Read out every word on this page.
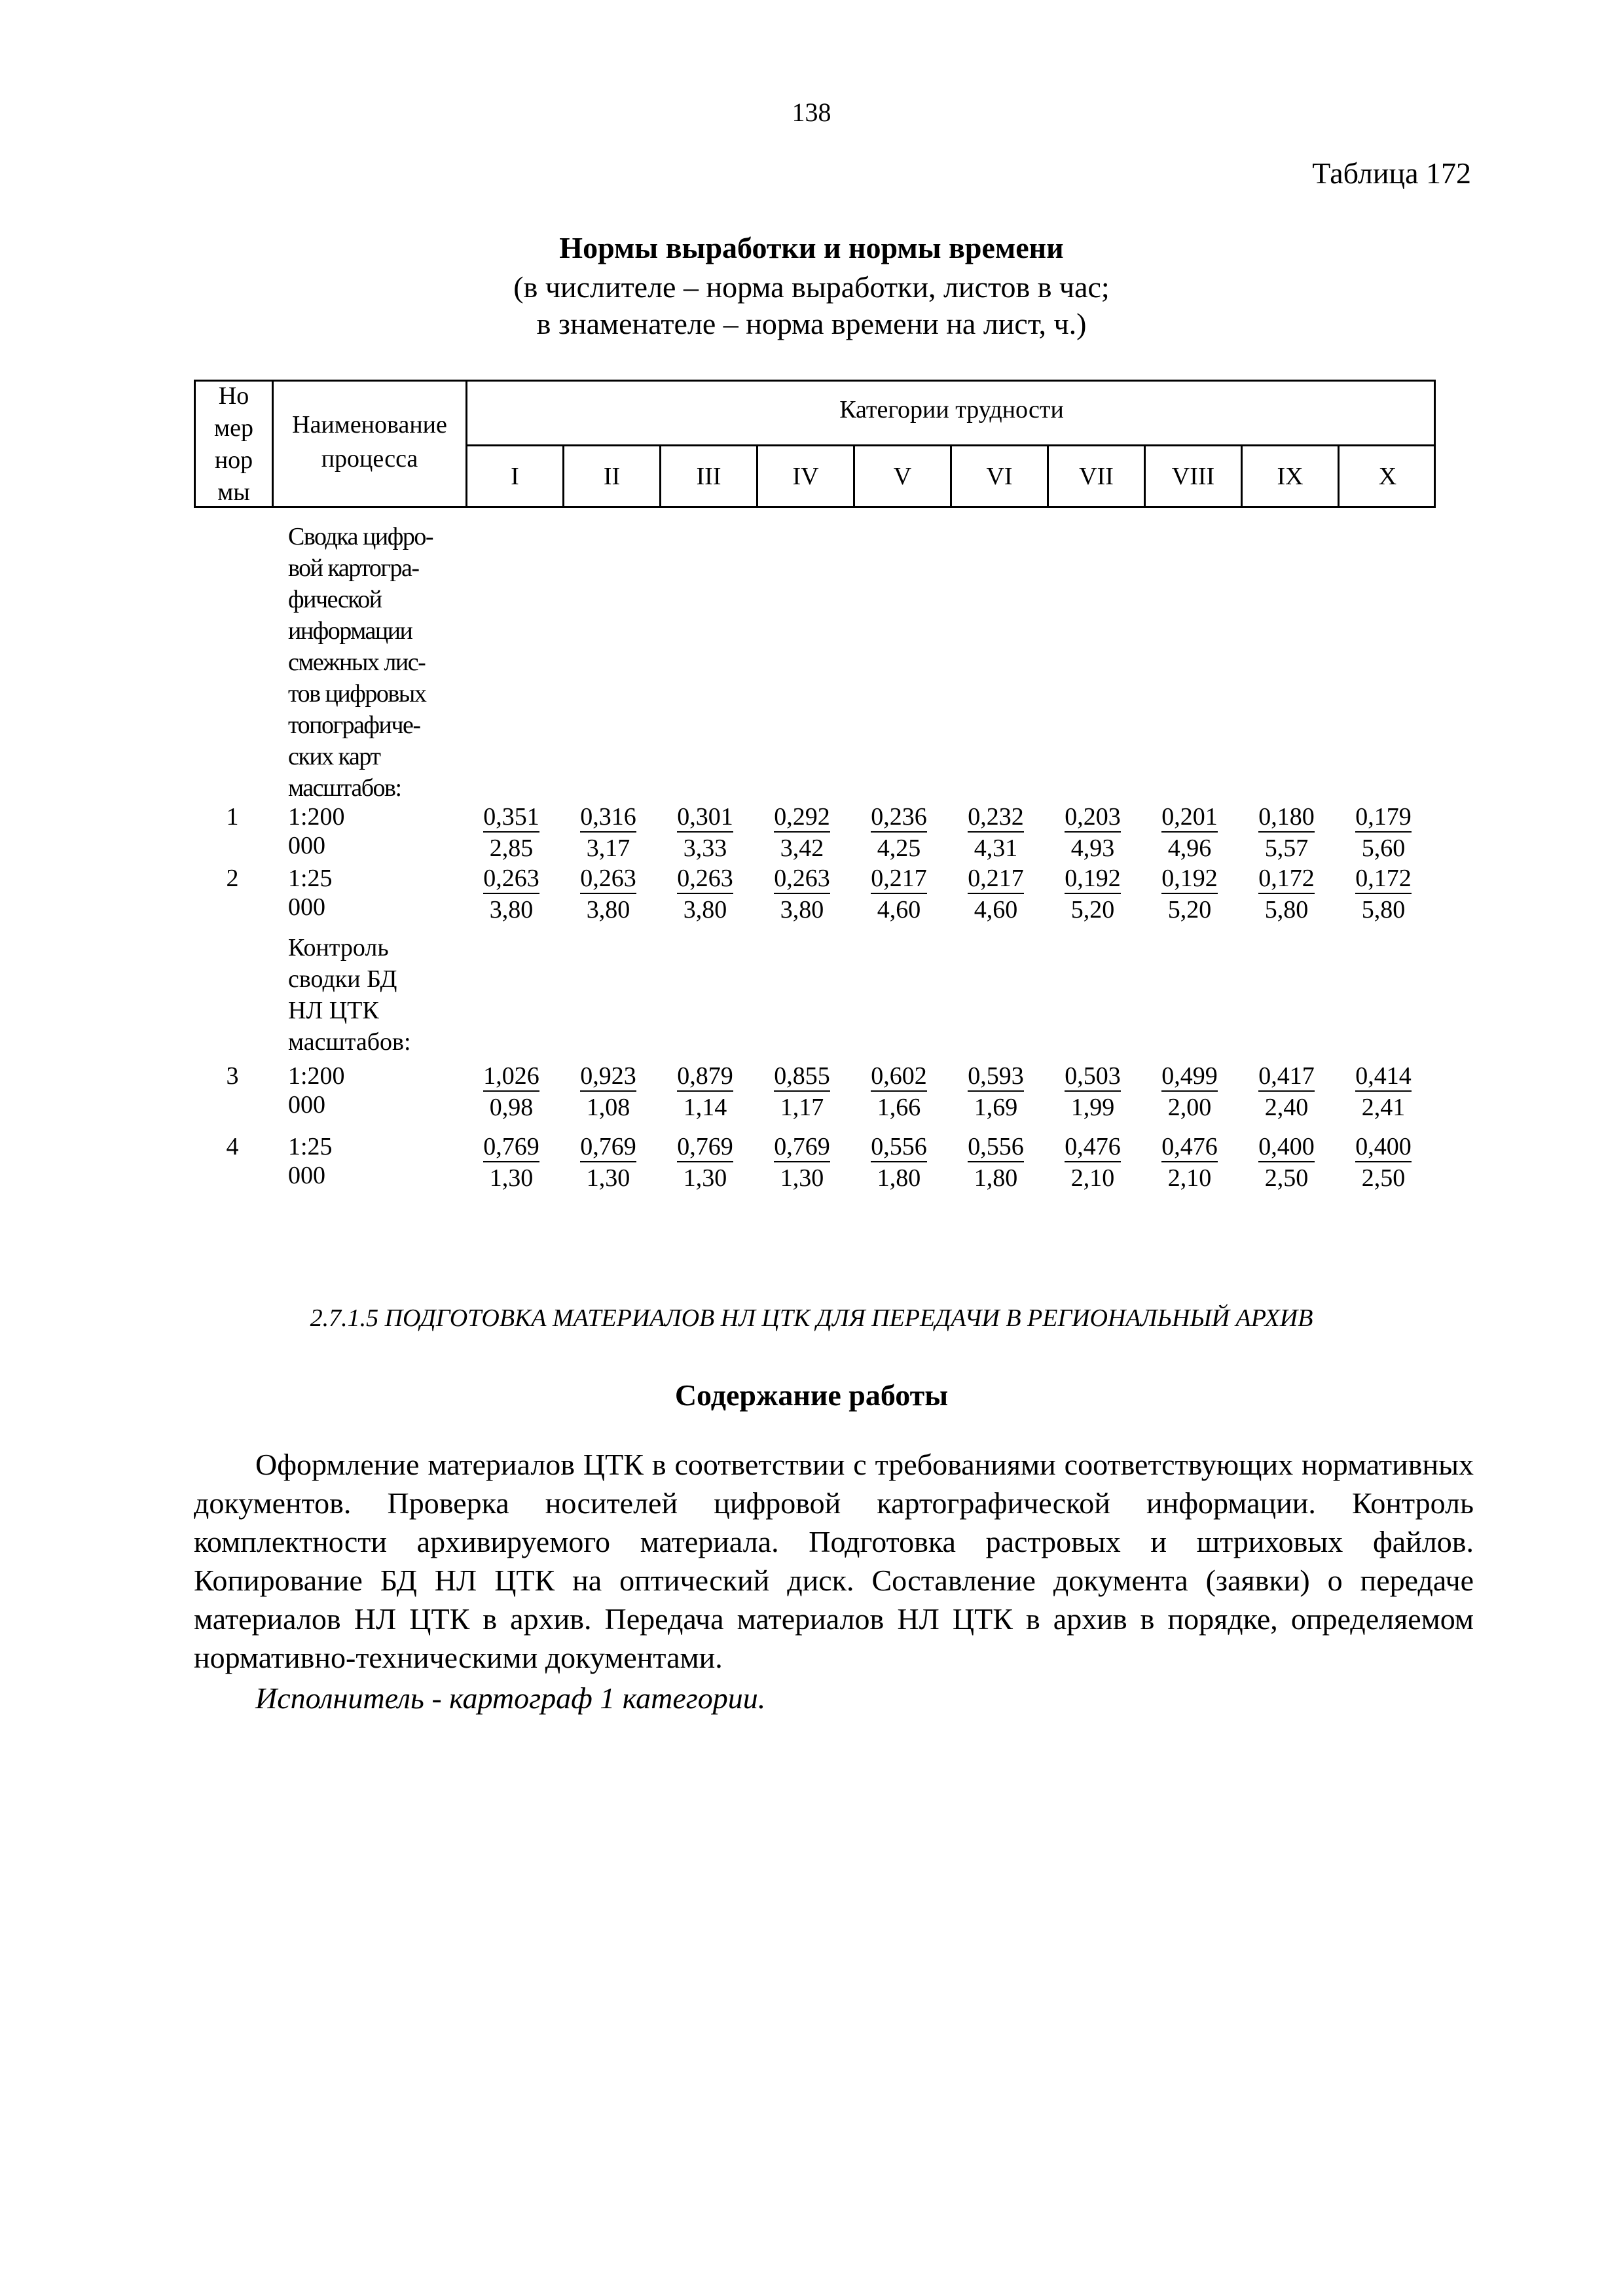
138
Таблица 172
Нормы выработки и нормы времени
(в числителе – норма выработки, листов в час;
в знаменателе – норма времени на лист, ч.)
Но
мер
нор
мы
Наименование
процесса
Категории трудности
I	II	III	IV	V	VI	VII	VIII	IX	X
Сводка цифро-
вой картогра-
фической
информации
смежных лис-
тов цифровых
топографиче-
ских карт
масштабов:
Контроль
сводки БД
НЛ ЦТК
масштабов:
1	1:200 000	$\frac{0,351}{2,85} \frac{0,316}{3,17} \frac{0,301}{3,33} \frac{0,292}{3,42} \frac{0,236}{4,25} \frac{0,232}{4,31} \frac{0,203}{4,93} \frac{0,201}{4,96} \frac{0,180}{5,57} \frac{0,179}{5,60}$
2	1:25 000	$\frac{0,263}{3,80} \frac{0,263}{3,80} \frac{0,263}{3,80} \frac{0,263}{3,80} \frac{0,217}{4,60} \frac{0,217}{4,60} \frac{0,192}{5,20} \frac{0,192}{5,20} \frac{0,172}{5,80} \frac{0,172}{5,80}$
3	1:200 000	$\frac{1,026}{0,98} \frac{0,923}{1,08} \frac{0,879}{1,14} \frac{0,855}{1,17} \frac{0,602}{1,66} \frac{0,593}{1,69} \frac{0,503}{1,99} \frac{0,499}{2,00} \frac{0,417}{2,40} \frac{0,414}{2,41}$
4	1:25 000	$\frac{0,769}{1,30} \frac{0,769}{1,30} \frac{0,769}{1,30} \frac{0,769}{1,30} \frac{0,556}{1,80} \frac{0,556}{1,80} \frac{0,476}{2,10} \frac{0,476}{2,10} \frac{0,400}{2,50} \frac{0,400}{2,50}$
2.7.1.5 ПОДГОТОВКА МАТЕРИАЛОВ НЛ ЦТК ДЛЯ ПЕРЕДАЧИ В РЕГИОНАЛЬНЫЙ АРХИВ
Содержание работы
Оформление материалов ЦТК в соответствии с требованиями соответствующих нормативных документов. Проверка носителей цифровой картографической информации. Контроль комплектности архивируемого материала. Подготовка растровых и штриховых файлов. Копирование БД НЛ ЦТК на оптический диск. Составление документа (заявки) о передаче материалов НЛ ЦТК в архив. Передача материалов НЛ ЦТК в архив в порядке, определяемом нормативно-техническими документами.
Исполнитель - картограф 1 категории.
